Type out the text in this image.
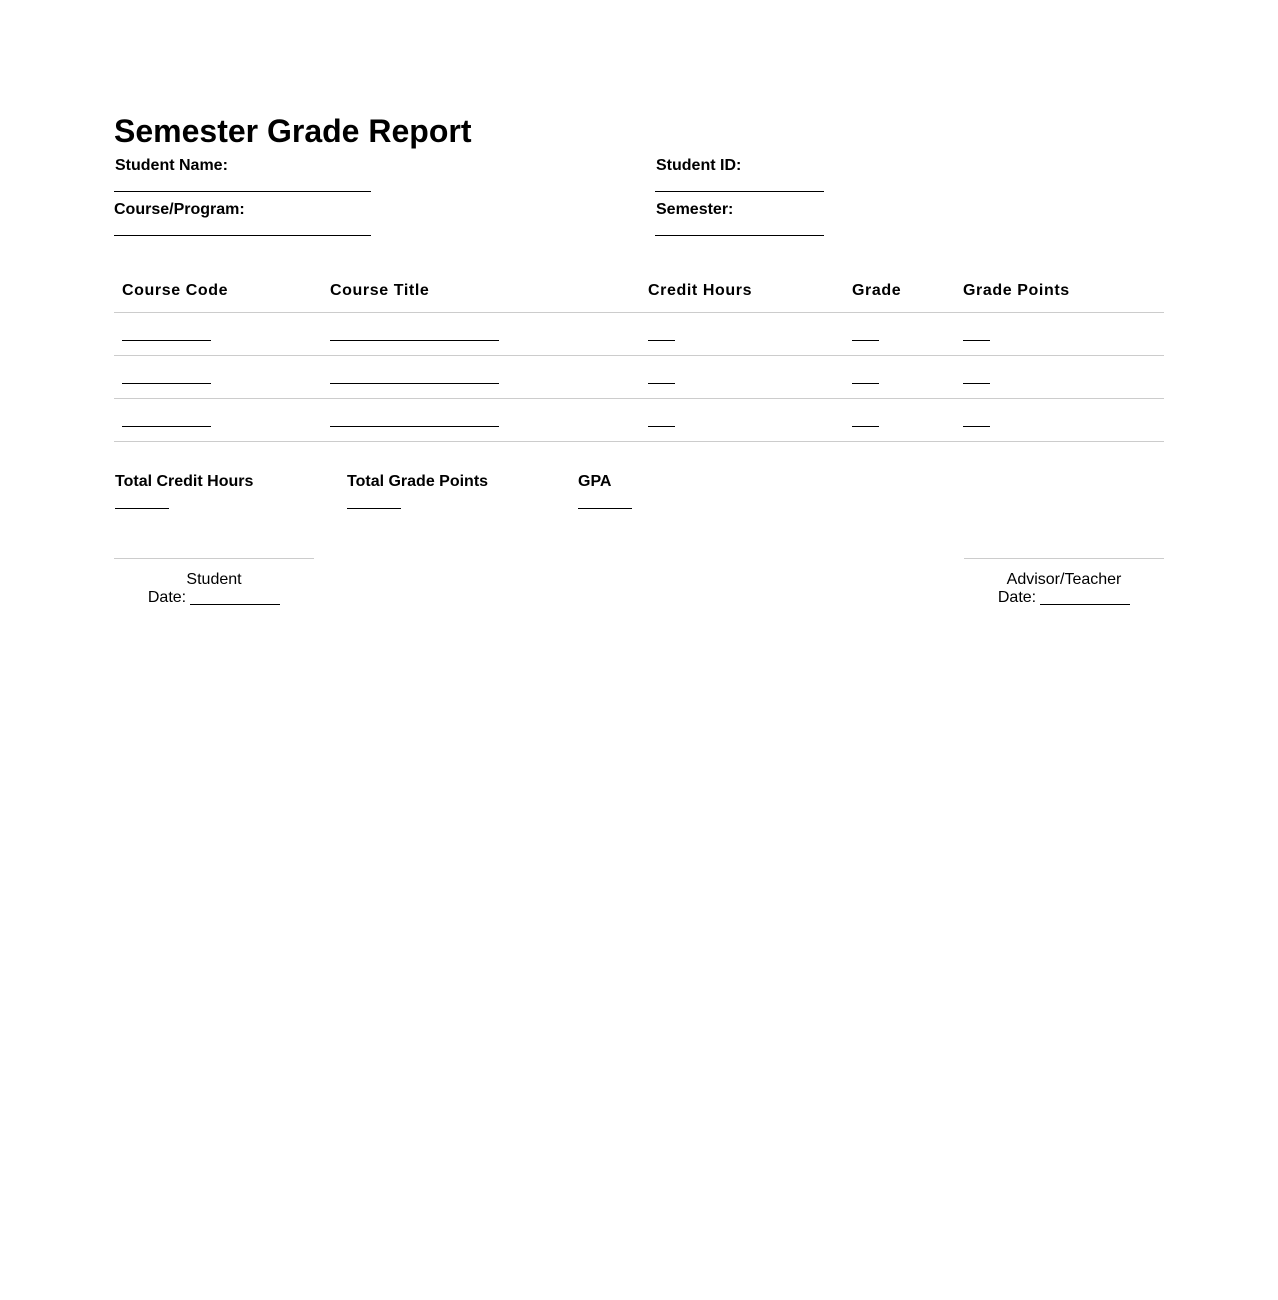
Semester Grade Report
Student Name:
Course/Program:
Student ID:
Semester:
Course Code	Course Title	Credit Hours	Grade	Grade Points

Total Credit Hours	Total Grade Points	GPA
Student
Date:
Advisor/Teacher
Date:
